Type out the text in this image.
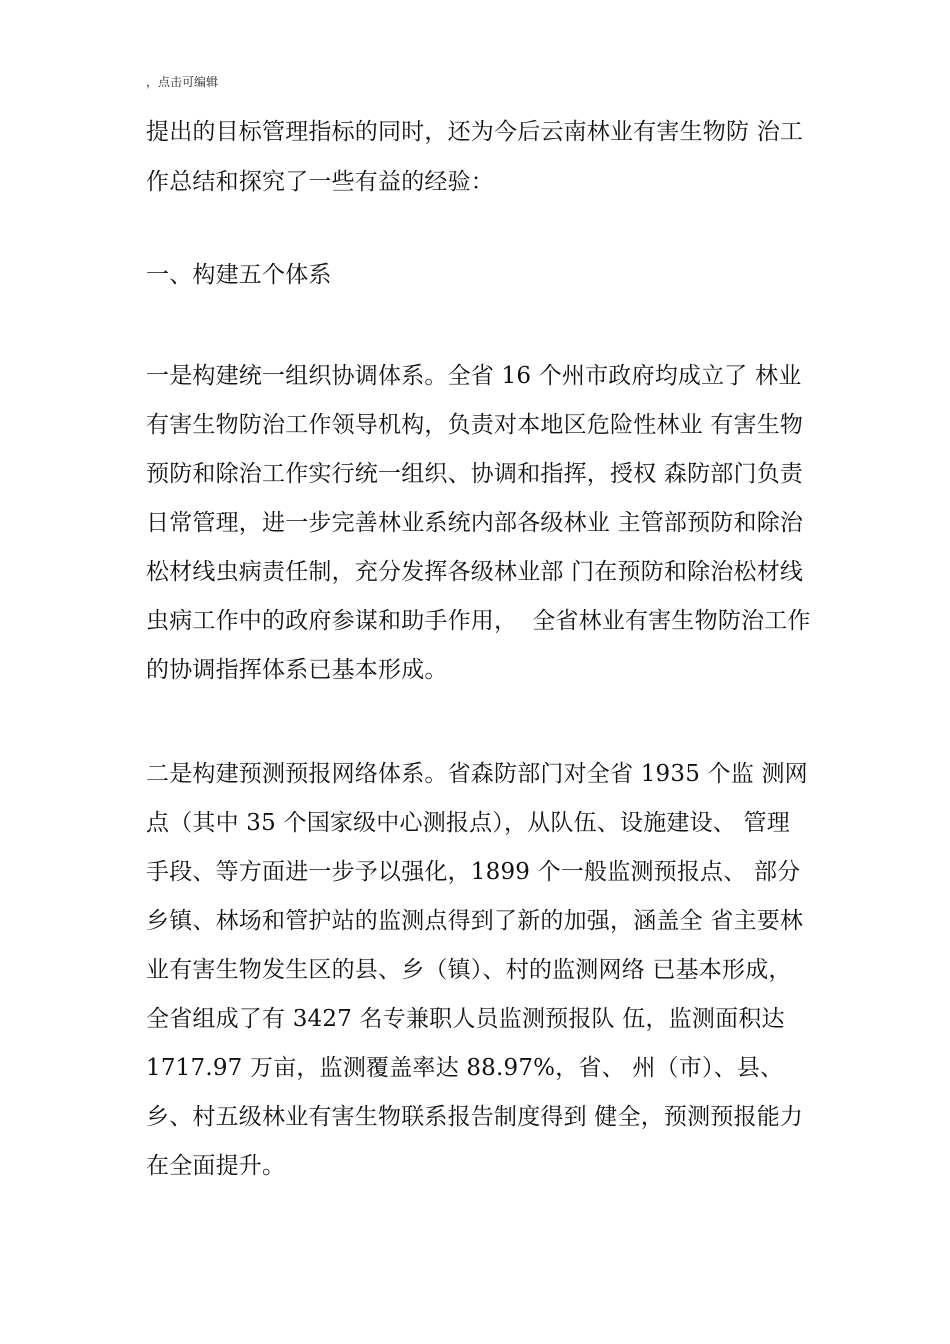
，点击可编辑
提出的目标管理指标的同时，还为今后云南林业有害生物防 治工
作总结和探究了一些有益的经验：
一、构建五个体系
一是构建统一组织协调体系。全省 16 个州市政府均成立了 林业
有害生物防治工作领导机构，负责对本地区危险性林业 有害生物
预防和除治工作实行统一组织、协调和指挥，授权 森防部门负责
日常管理，进一步完善林业系统内部各级林业 主管部预防和除治
松材线虫病责任制，充分发挥各级林业部 门在预防和除治松材线
虫病工作中的政府参谋和助手作用，  全省林业有害生物防治工作
的协调指挥体系已基本形成。
二是构建预测预报网络体系。省森防部门对全省 1935 个监 测网
点（其中 35 个国家级中心测报点），从队伍、设施建设、 管理
手段、等方面进一步予以强化，1899 个一般监测预报点、 部分
乡镇、林场和管护站的监测点得到了新的加强，涵盖全 省主要林
业有害生物发生区的县、乡（镇）、村的监测网络 已基本形成，
全省组成了有 3427 名专兼职人员监测预报队 伍，监测面积达
1717.97 万亩，监测覆盖率达 88.97%，省、 州（市）、县、
乡、村五级林业有害生物联系报告制度得到 健全，预测预报能力
在全面提升。
